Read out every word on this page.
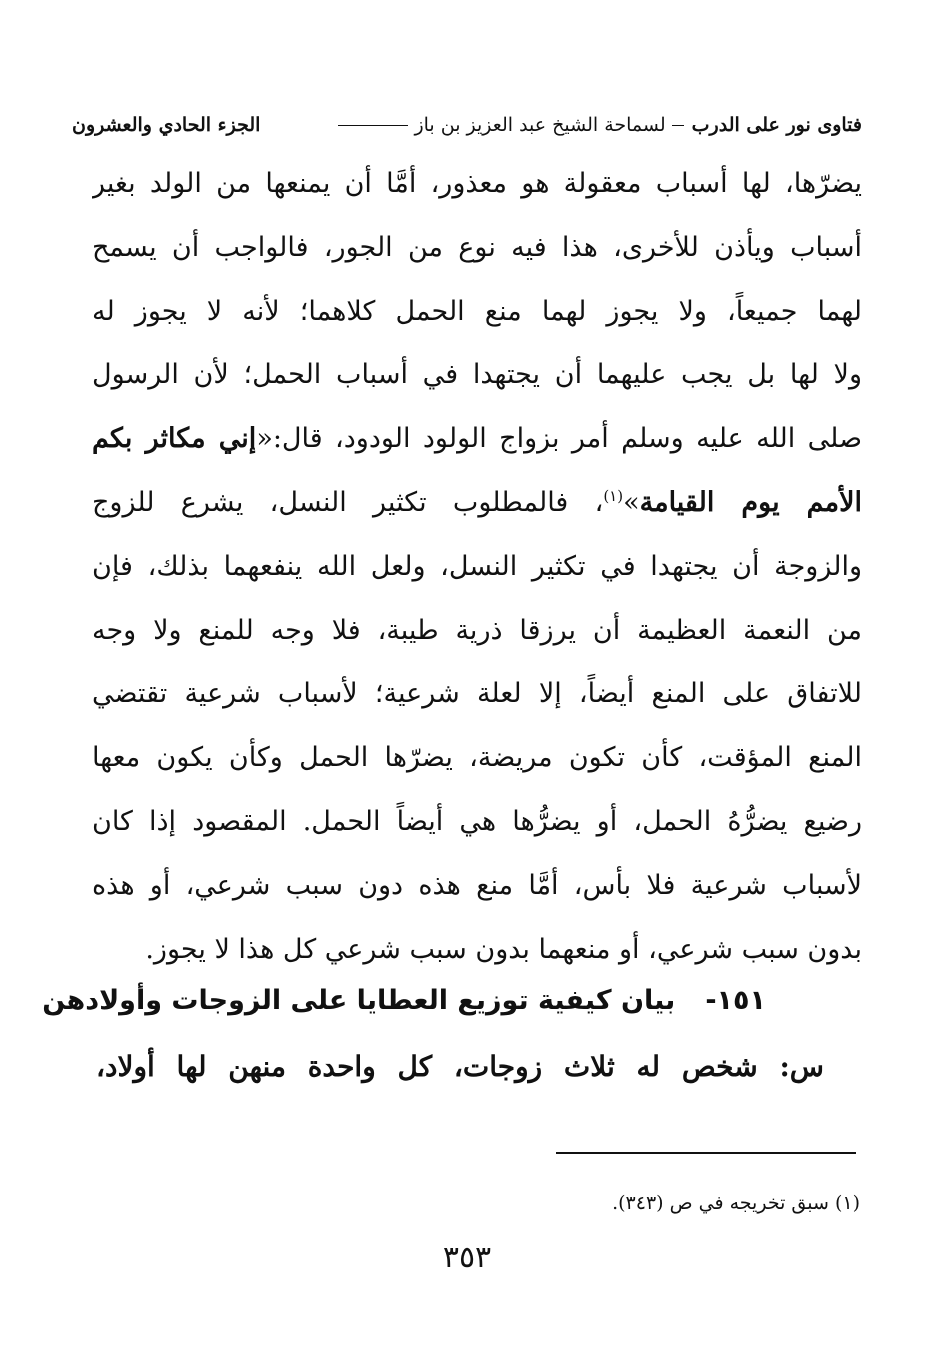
فتاوى نور على الدرب
لسماحة الشيخ عبد العزيز بن باز
الجزء الحادي والعشرون
يضرّها، لها أسباب معقولة هو معذور، أمَّا أن يمنعها من الولد بغير
أسباب ويأذن للأخرى، هذا فيه نوع من الجور، فالواجب أن يسمح
لهما جميعاً، ولا يجوز لهما منع الحمل كلاهما؛ لأنه لا يجوز له
ولا لها بل يجب عليهما أن يجتهدا في أسباب الحمل؛ لأن الرسول
صلى الله عليه وسلم أمر بزواج الولود الودود، قال:«إني مكاثر بكم
الأمم يوم القيامة»$^{(١)}$، فالمطلوب تكثير النسل، يشرع للزوج
والزوجة أن يجتهدا في تكثير النسل، ولعل الله ينفعهما بذلك، فإن
من النعمة العظيمة أن يرزقا ذرية طيبة، فلا وجه للمنع ولا وجه
للاتفاق على المنع أيضاً، إلا لعلة شرعية؛ لأسباب شرعية تقتضي
المنع المؤقت، كأن تكون مريضة، يضرّها الحمل وكأن يكون معها
رضيع يضرُّهُ الحمل، أو يضرُّها هي أيضاً الحمل. المقصود إذا كان
لأسباب شرعية فلا بأس، أمَّا منع هذه دون سبب شرعي، أو هذه
بدون سبب شرعي، أو منعهما بدون سبب شرعي كل هذا لا يجوز.
١٥١-بيان كيفية توزيع العطايا على الزوجات وأولادهن
س: شخص له ثلاث زوجات، كل واحدة منهن لها أولاد،
(١) سبق تخريجه في ص (٣٤٣).
٣٥٣
